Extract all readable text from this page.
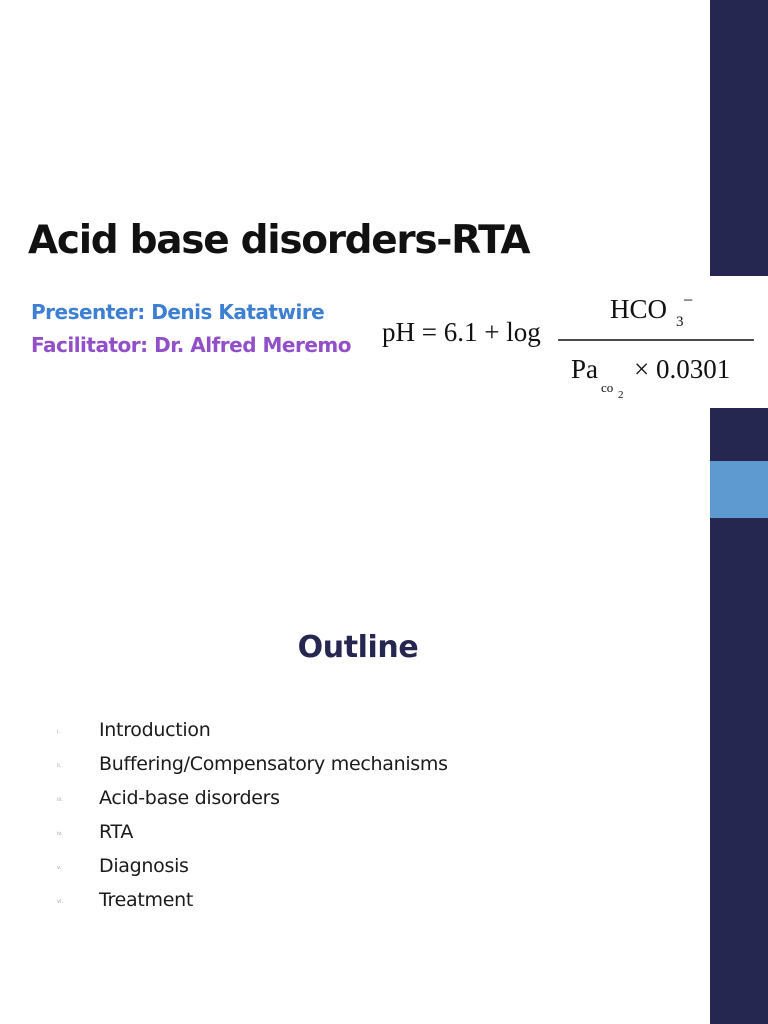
Acid base disorders-RTA
Presenter: Denis Katatwire
Facilitator: Dr. Alfred Meremo pH = 6.1 + log
HCO 3
−
Pa
co 2
× 0.0301
Outline
i. Introduction
ii. Buffering/Compensatory mechanisms
iii. Acid-base disorders
iv. RTA
v. Diagnosis
vi. Treatment
